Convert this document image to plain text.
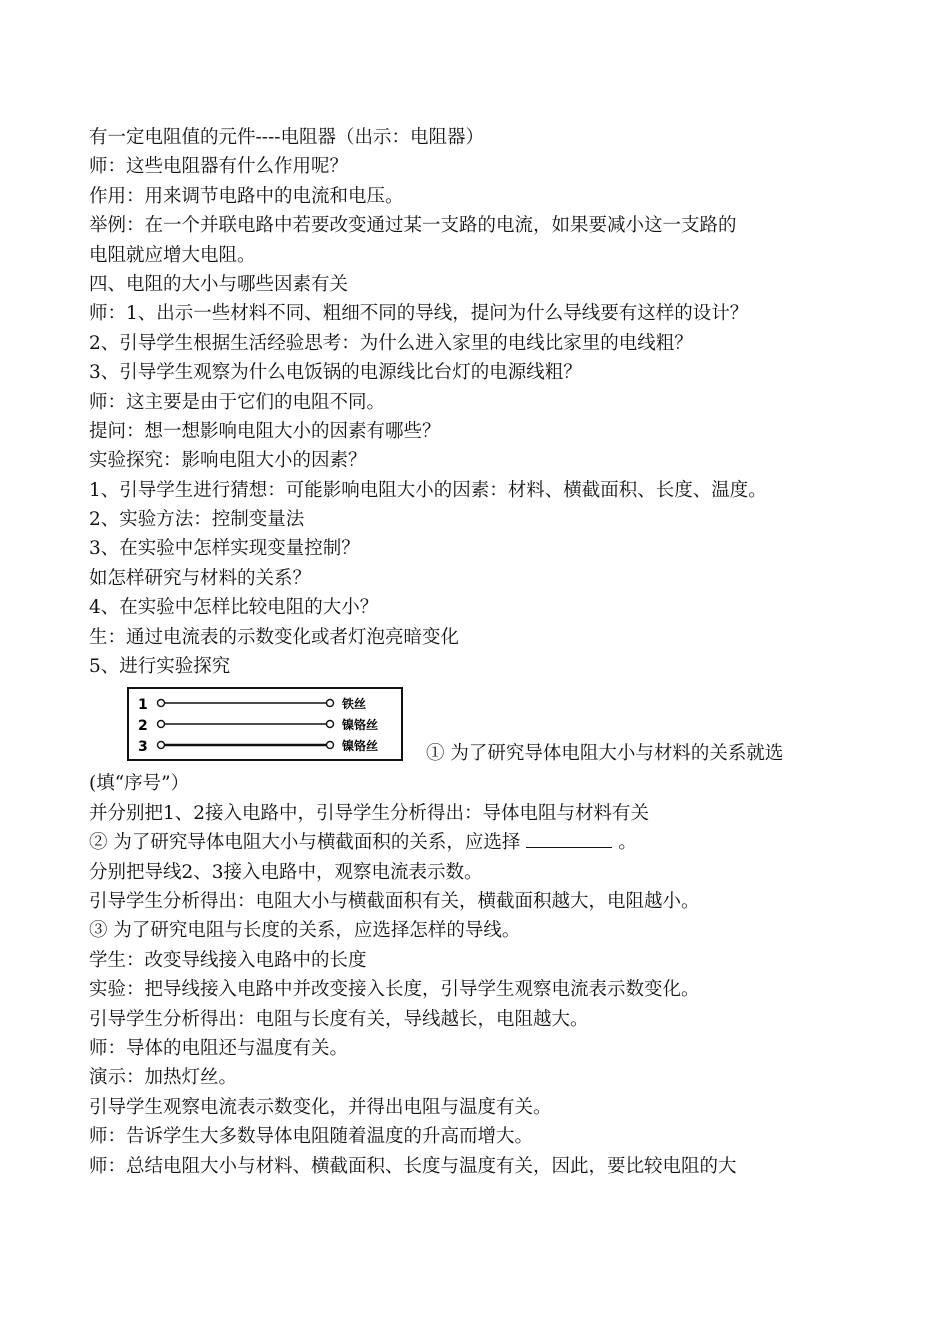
有一定电阻值的元件----电阻器（出示：电阻器）
师：这些电阻器有什么作用呢？
作用：用来调节电路中的电流和电压。
举例：在一个并联电路中若要改变通过某一支路的电流，如果要减小这一支路的
电阻就应增大电阻。
四、电阻的大小与哪些因素有关
师：1、出示一些材料不同、粗细不同的导线，提问为什么导线要有这样的设计？
2、引导学生根据生活经验思考：为什么进入家里的电线比家里的电线粗？
3、引导学生观察为什么电饭锅的电源线比台灯的电源线粗？
师：这主要是由于它们的电阻不同。
提问：想一想影响电阻大小的因素有哪些？
实验探究：影响电阻大小的因素？
1、引导学生进行猜想：可能影响电阻大小的因素：材料、横截面积、长度、温度。
2、实验方法：控制变量法
3、在实验中怎样实现变量控制？
如怎样研究与材料的关系？
4、在实验中怎样比较电阻的大小？
生：通过电流表的示数变化或者灯泡亮暗变化
5、进行实验探究
1	铁丝
2	镍铬丝
3	镍铬丝	① 为了研究导体电阻大小与材料的关系就选
(填“序号”）
并分别把1、2接入电路中，引导学生分析得出：导体电阻与材料有关
② 为了研究导体电阻大小与横截面积的关系，应选择	。
分别把导线2、3接入电路中，观察电流表示数。
引导学生分析得出：电阻大小与横截面积有关，横截面积越大，电阻越小。
③ 为了研究电阻与长度的关系，应选择怎样的导线。
学生：改变导线接入电路中的长度
实验：把导线接入电路中并改变接入长度，引导学生观察电流表示数变化。
引导学生分析得出：电阻与长度有关，导线越长，电阻越大。
师：导体的电阻还与温度有关。
演示：加热灯丝。
引导学生观察电流表示数变化，并得出电阻与温度有关。
师：告诉学生大多数导体电阻随着温度的升高而增大。
师：总结电阻大小与材料、横截面积、长度与温度有关，因此，要比较电阻的大
